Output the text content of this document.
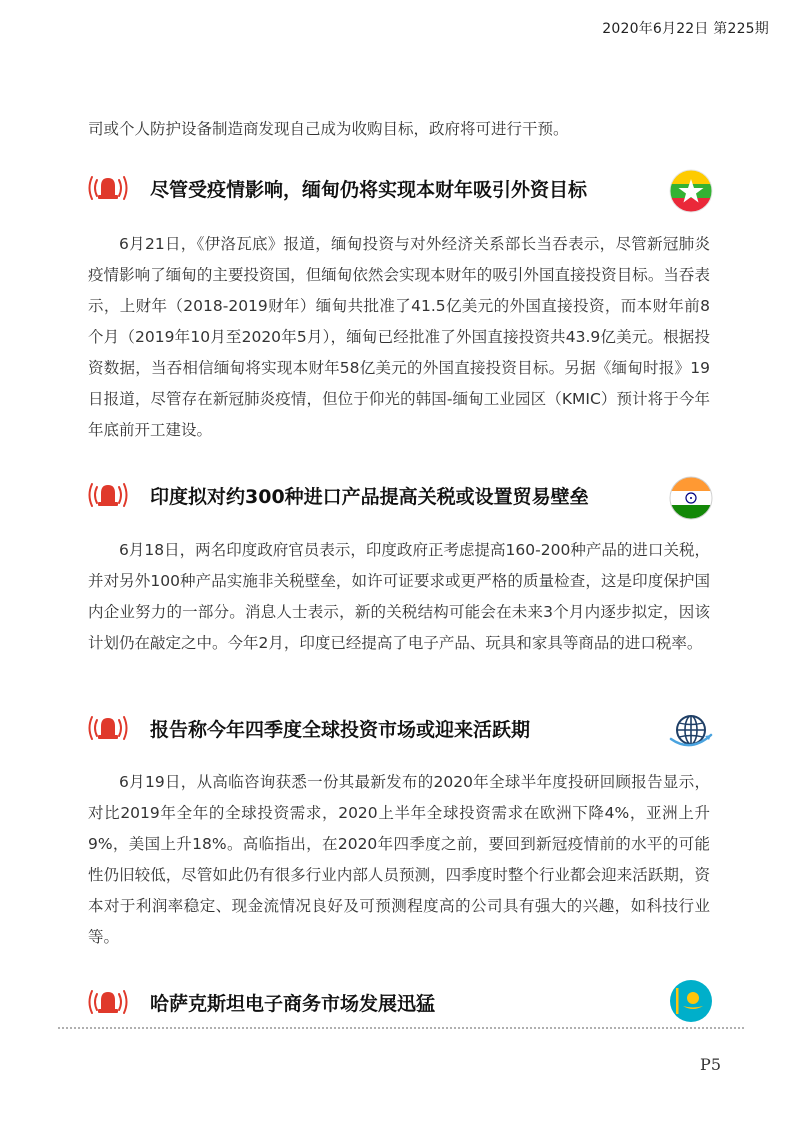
2020年6月22日 第225期
司或个人防护设备制造商发现自己成为收购目标，政府将可进行干预。
尽管受疫情影响，缅甸仍将实现本财年吸引外资目标
6月21日，《伊洛瓦底》报道，缅甸投资与对外经济关系部长当吞表示，尽管新冠肺炎疫情影响了缅甸的主要投资国，但缅甸依然会实现本财年的吸引外国直接投资目标。当吞表示，上财年（2018-2019财年）缅甸共批准了41.5亿美元的外国直接投资，而本财年前8个月（2019年10月至2020年5月），缅甸已经批准了外国直接投资共43.9亿美元。根据投资数据，当吞相信缅甸将实现本财年58亿美元的外国直接投资目标。另据《缅甸时报》19日报道，尽管存在新冠肺炎疫情，但位于仰光的韩国-缅甸工业园区（KMIC）预计将于今年年底前开工建设。
印度拟对约300种进口产品提高关税或设置贸易壁垒
6月18日，两名印度政府官员表示，印度政府正考虑提高160-200种产品的进口关税，并对另外100种产品实施非关税壁垒，如许可证要求或更严格的质量检查，这是印度保护国内企业努力的一部分。消息人士表示，新的关税结构可能会在未来3个月内逐步拟定，因该计划仍在敲定之中。今年2月，印度已经提高了电子产品、玩具和家具等商品的进口税率。
报告称今年四季度全球投资市场或迎来活跃期
6月19日，从高临咨询获悉一份其最新发布的2020年全球半年度投研回顾报告显示，对比2019年全年的全球投资需求，2020上半年全球投资需求在欧洲下降4%，亚洲上升9%，美国上升18%。高临指出，在2020年四季度之前，要回到新冠疫情前的水平的可能性仍旧较低，尽管如此仍有很多行业内部人员预测，四季度时整个行业都会迎来活跃期，资本对于利润率稳定、现金流情况良好及可预测程度高的公司具有强大的兴趣，如科技行业等。
哈萨克斯坦电子商务市场发展迅猛
P5
